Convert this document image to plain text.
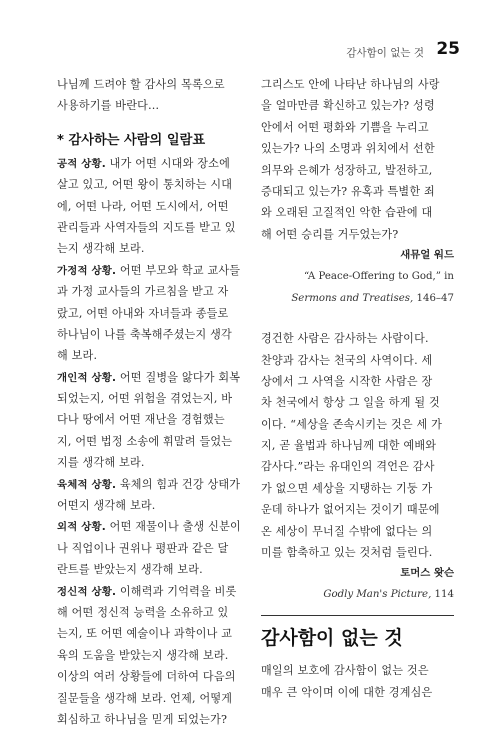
감사함이 없는 것 25
나님께 드려야 할 감사의 목록으로
사용하기를 바란다…
* 감사하는 사람의 일람표
공적 상황. 내가 어떤 시대와 장소에
살고 있고, 어떤 왕이 통치하는 시대
에, 어떤 나라, 어떤 도시에서, 어떤
관리들과 사역자들의 지도를 받고 있
는지 생각해 보라.
가정적 상황. 어떤 부모와 학교 교사들
과 가정 교사들의 가르침을 받고 자
랐고, 어떤 아내와 자녀들과 종들로
하나님이 나를 축복해주셨는지 생각
해 보라.
개인적 상황. 어떤 질병을 앓다가 회복
되었는지, 어떤 위험을 겪었는지, 바
다나 땅에서 어떤 재난을 경험했는
지, 어떤 법정 소송에 휘말려 들었는
지를 생각해 보라.
육체적 상황. 육체의 힘과 건강 상태가
어떤지 생각해 보라.
외적 상황. 어떤 재물이나 출생 신분이
나 직업이나 권위나 평판과 같은 달
란트를 받았는지 생각해 보라.
정신적 상황. 이해력과 기억력을 비롯
해 어떤 정신적 능력을 소유하고 있
는지, 또 어떤 예술이나 과학이나 교
육의 도움을 받았는지 생각해 보라.
이상의 여러 상황들에 더하여 다음의
질문들을 생각해 보라. 언제, 어떻게
회심하고 하나님을 믿게 되었는가?
그리스도 안에 나타난 하나님의 사랑
을 얼마만큼 확신하고 있는가? 성령
안에서 어떤 평화와 기쁨을 누리고
있는가? 나의 소명과 위치에서 선한
의무와 은혜가 성장하고, 발전하고,
증대되고 있는가? 유혹과 특별한 죄
와 오래된 고질적인 악한 습관에 대
해 어떤 승리를 거두었는가?
새뮤얼 워드
“A Peace-Offering to God,” in
Sermons and Treatises, 146–47
경건한 사람은 감사하는 사람이다.
찬양과 감사는 천국의 사역이다. 세
상에서 그 사역을 시작한 사람은 장
차 천국에서 항상 그 일을 하게 될 것
이다. “세상을 존속시키는 것은 세 가
지, 곧 율법과 하나님께 대한 예배와
감사다.”라는 유대인의 격언은 감사
가 없으면 세상을 지탱하는 기둥 가
운데 하나가 없어지는 것이기 때문에
온 세상이 무너질 수밖에 없다는 의
미를 함축하고 있는 것처럼 들린다.
토머스 왓슨
Godly Man's Picture, 114
감사함이 없는 것
매일의 보호에 감사함이 없는 것은
매우 큰 악이며 이에 대한 경계심은
